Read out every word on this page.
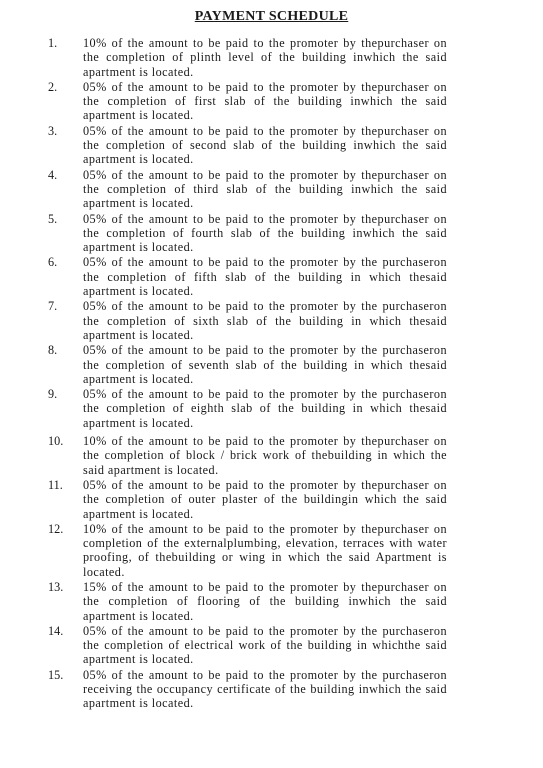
PAYMENT SCHEDULE
1.	10% of the amount to be paid to the promoter by thepurchaser on the completion of plinth level of the building inwhich the said apartment is located.
2.	05% of the amount to be paid to the promoter by thepurchaser on the completion of first slab of the building inwhich the said apartment is located.
3.	05% of the amount to be paid to the promoter by thepurchaser on the completion of second slab of the building inwhich the said apartment is located.
4.	05% of the amount to be paid to the promoter by thepurchaser on the completion of third slab of the building inwhich the said apartment is located.
5.	05% of the amount to be paid to the promoter by thepurchaser on the completion of fourth slab of the building inwhich the said apartment is located.
6.	05% of the amount to be paid to the promoter by the purchaseron the completion of fifth slab of the building in which thesaid apartment is located.
7.	05% of the amount to be paid to the promoter by the purchaseron the completion of sixth slab of the building in which thesaid apartment is located.
8.	05% of the amount to be paid to the promoter by the purchaseron the completion of seventh slab of the building in which thesaid apartment is located.
9.	05% of the amount to be paid to the promoter by the purchaseron the completion of eighth slab of the building in which thesaid apartment is located.
10.	10% of the amount to be paid to the promoter by thepurchaser on the completion of block / brick work of thebuilding in which the said apartment is located.
11.	05% of the amount to be paid to the promoter by thepurchaser on the completion of outer plaster of the buildingin which the said apartment is located.
12.	10% of the amount to be paid to the promoter by thepurchaser on completion of the externalplumbing, elevation, terraces with water proofing, of thebuilding or wing in which the said Apartment is located.
13.	15% of the amount to be paid to the promoter by thepurchaser on the completion of flooring of the building inwhich the said apartment is located.
14.	05% of the amount to be paid to the promoter by the purchaseron the completion of electrical work of the building in whichthe said apartment is located.
15.	05% of the amount to be paid to the promoter by the purchaseron receiving the occupancy certificate of the building inwhich the said apartment is located.
